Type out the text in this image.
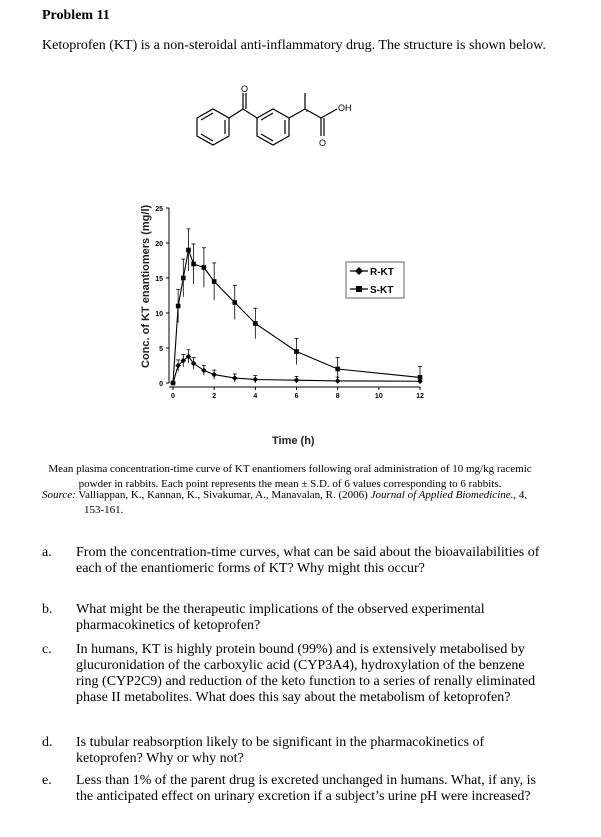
Problem 11
Ketoprofen (KT) is a non-steroidal anti-inflammatory drug. The structure is shown below.
O
OH
O
Conc. of KT enantiomers (mg/l)
Time (h)
0
5
10
15
20
25
0	2	4	6	8	10	12
R-KT
S-KT
Mean plasma concentration-time curve of KT enantiomers following oral administration of 10 mg/kg racemic powder in rabbits. Each point represents the mean ± S.D. of 6 values corresponding to 6 rabbits.
Source: Valliappan, K., Kannan, K., Sivakumar, A., Manavalan, R. (2006) Journal of Applied Biomedicine., 4,
153-161.
a. From the concentration-time curves, what can be said about the bioavailabilities of each of the enantiomeric forms of KT? Why might this occur?
b. What might be the therapeutic implications of the observed experimental pharmacokinetics of ketoprofen?
c. In humans, KT is highly protein bound (99%) and is extensively metabolised by glucuronidation of the carboxylic acid (CYP3A4), hydroxylation of the benzene ring (CYP2C9) and reduction of the keto function to a series of renally eliminated phase II metabolites. What does this say about the metabolism of ketoprofen?
d. Is tubular reabsorption likely to be significant in the pharmacokinetics of ketoprofen? Why or why not?
e. Less than 1% of the parent drug is excreted unchanged in humans. What, if any, is the anticipated effect on urinary excretion if a subject’s urine pH were increased?
